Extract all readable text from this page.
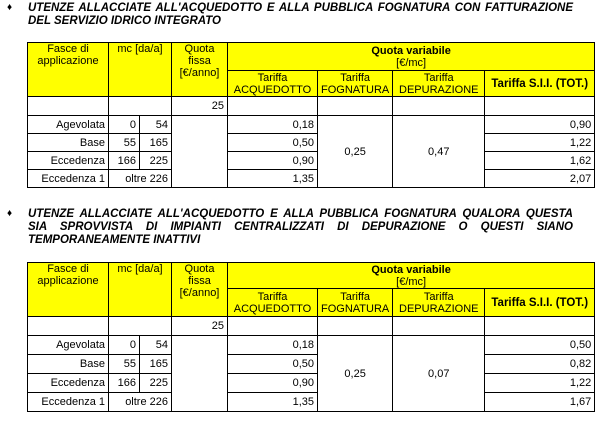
♦ UTENZE ALLACCIATE ALL'ACQUEDOTTO E ALLA PUBBLICA FOGNATURA CON FATTURAZIONE DEL SERVIZIO IDRICO INTEGRATO
Fasce di applicazione	mc [da/a]		Quota fissa [€/anno]	Quota variabile
[€/mc]			

				Tariffa ACQUEDOTTO	Tariffa FOGNATURA	Tariffa DEPURAZIONE	Tariffa S.I.I. (TOT.)
			25				
Agevolata	0	54		0,18	0,25	0,47	0,90
Base	55	165		0,50			1,22
Eccedenza	166	225		0,90			1,62
Eccedenza 1	oltre 226			1,35			2,07
♦ UTENZE ALLACCIATE ALL'ACQUEDOTTO E ALLA PUBBLICA FOGNATURA QUALORA QUESTA SIA SPROVVISTA DI IMPIANTI CENTRALIZZATI DI DEPURAZIONE O QUESTI SIANO TEMPORANEAMENTE INATTIVI
Fasce di applicazione	mc [da/a]		Quota fissa [€/anno]	Quota variabile
[€/mc]			

				Tariffa ACQUEDOTTO	Tariffa FOGNATURA	Tariffa DEPURAZIONE	Tariffa S.I.I. (TOT.)
			25				
Agevolata	0	54		0,18	0,25	0,07	0,50
Base	55	165		0,50			0,82
Eccedenza	166	225		0,90			1,22
Eccedenza 1	oltre 226			1,35			1,67
